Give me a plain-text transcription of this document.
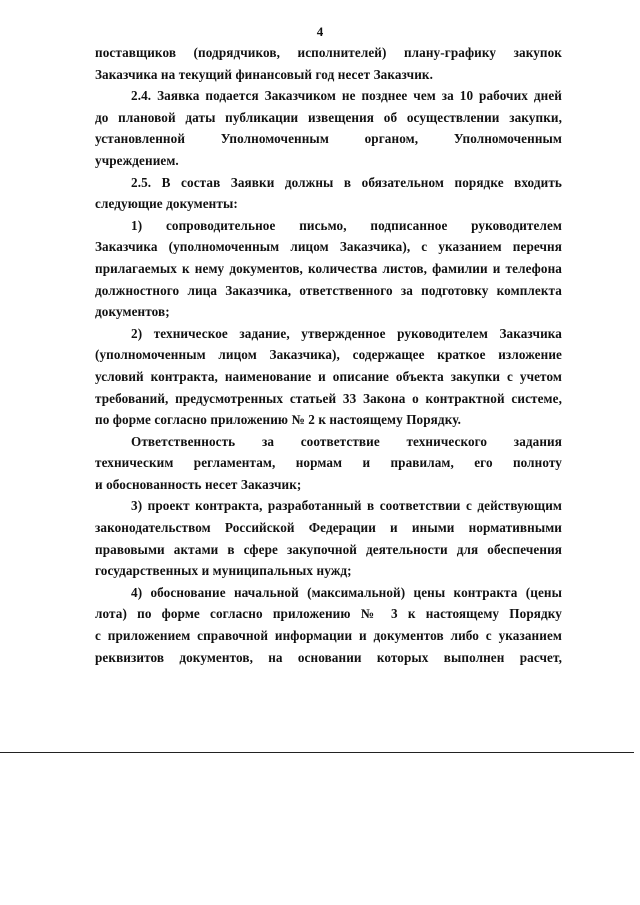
4
поставщиков (подрядчиков, исполнителей) плану-графику закупок
Заказчика на текущий финансовый год несет Заказчик.
2.4. Заявка подается Заказчиком не позднее чем за 10 рабочих дней
до плановой даты публикации извещения об осуществлении закупки,
установленной Уполномоченным органом, Уполномоченным
учреждением.
2.5. В состав Заявки должны в обязательном порядке входить
следующие документы:
1) сопроводительное письмо, подписанное руководителем
Заказчика (уполномоченным лицом Заказчика), с указанием перечня
прилагаемых к нему документов, количества листов, фамилии и телефона
должностного лица Заказчика, ответственного за подготовку комплекта
документов;
2) техническое задание, утвержденное руководителем Заказчика
(уполномоченным лицом Заказчика), содержащее краткое изложение
условий контракта, наименование и описание объекта закупки с учетом
требований, предусмотренных статьей 33 Закона о контрактной системе,
по форме согласно приложению № 2 к настоящему Порядку.
Ответственность за соответствие технического задания
техническим регламентам, нормам и правилам, его полноту
и обоснованность несет Заказчик;
3) проект контракта, разработанный в соответствии с действующим
законодательством Российской Федерации и иными нормативными
правовыми актами в сфере закупочной деятельности для обеспечения
государственных и муниципальных нужд;
4) обоснование начальной (максимальной) цены контракта (цены
лота) по форме согласно приложению № 3 к настоящему Порядку
с приложением справочной информации и документов либо с указанием
реквизитов документов, на основании которых выполнен расчет,
